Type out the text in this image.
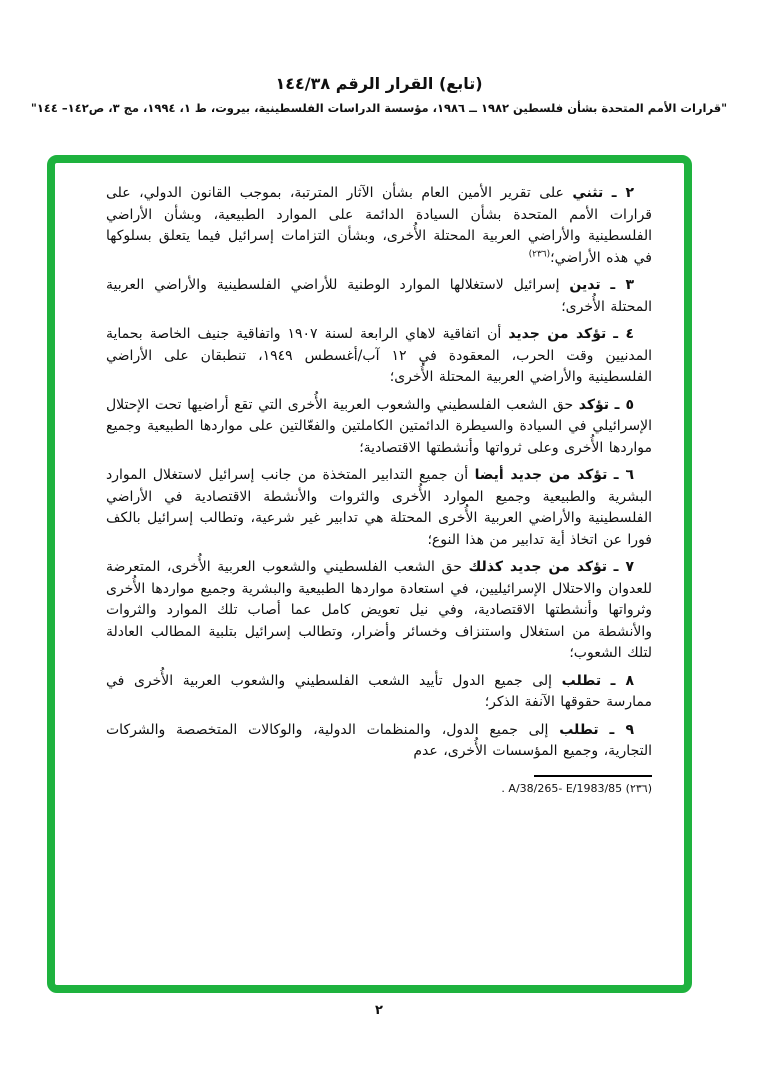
(تابع) القرار الرقم ١٤٤/٣٨
"قرارات الأمم المتحدة بشأن فلسطين ١٩٨٢ ــ ١٩٨٦، مؤسسة الدراسات الفلسطينية، بيروت، ط ١، ١٩٩٤، مج ٣، ص١٤٢– ١٤٤"

٢ ـ تثني على تقرير الأمين العام بشأن الآثار المترتبة، بموجب القانون الدولي، على قرارات الأمم المتحدة بشأن السيادة الدائمة على الموارد الطبيعية، وبشأن الأراضي الفلسطينية والأراضي العربية المحتلة الأُخرى، وبشأن التزامات إسرائيل فيما يتعلق بسلوكها في هذه الأراضي؛$^{(٢٣٦)}$

٣ ـ تدين إسرائيل لاستغلالها الموارد الوطنية للأراضي الفلسطينية والأراضي العربية المحتلة الأُخرى؛

٤ ـ تؤكد من جديد أن اتفاقية لاهاي الرابعة لسنة ١٩٠٧ واتفاقية جنيف الخاصة بحماية المدنيين وقت الحرب، المعقودة في ١٢ آب/أغسطس ١٩٤٩، تنطبقان على الأراضي الفلسطينية والأراضي العربية المحتلة الأُخرى؛

٥ ـ تؤكد حق الشعب الفلسطيني والشعوب العربية الأُخرى التي تقع أراضيها تحت الإحتلال الإسرائيلي في السيادة والسيطرة الدائمتين الكاملتين والفعّالتين على مواردها الطبيعية وجميع مواردها الأُخرى وعلى ثرواتها وأنشطتها الاقتصادية؛

٦ ـ تؤكد من جديد أيضا أن جميع التدابير المتخذة من جانب إسرائيل لاستغلال الموارد البشرية والطبيعية وجميع الموارد الأُخرى والثروات والأنشطة الاقتصادية في الأراضي الفلسطينية والأراضي العربية الأُخرى المحتلة هي تدابير غير شرعية، وتطالب إسرائيل بالكف فورا عن اتخاذ أية تدابير من هذا النوع؛

٧ ـ تؤكد من جديد كذلك حق الشعب الفلسطيني والشعوب العربية الأُخرى، المتعرضة للعدوان والاحتلال الإسرائيليين، في استعادة مواردها الطبيعية والبشرية وجميع مواردها الأُخرى وثرواتها وأنشطتها الاقتصادية، وفي نيل تعويض كامل عما أصاب تلك الموارد والثروات والأنشطة من استغلال واستنزاف وخسائر وأضرار، وتطالب إسرائيل بتلبية المطالب العادلة لتلك الشعوب؛

٨ ـ تطلب إلى جميع الدول تأييد الشعب الفلسطيني والشعوب العربية الأُخرى في ممارسة حقوقها الآنفة الذكر؛

٩ ـ تطلب إلى جميع الدول، والمنظمات الدولية، والوكالات المتخصصة والشركات التجارية، وجميع المؤسسات الأُخرى، عدم

(٢٣٦) A/38/265- E/1983/85 .
٢
